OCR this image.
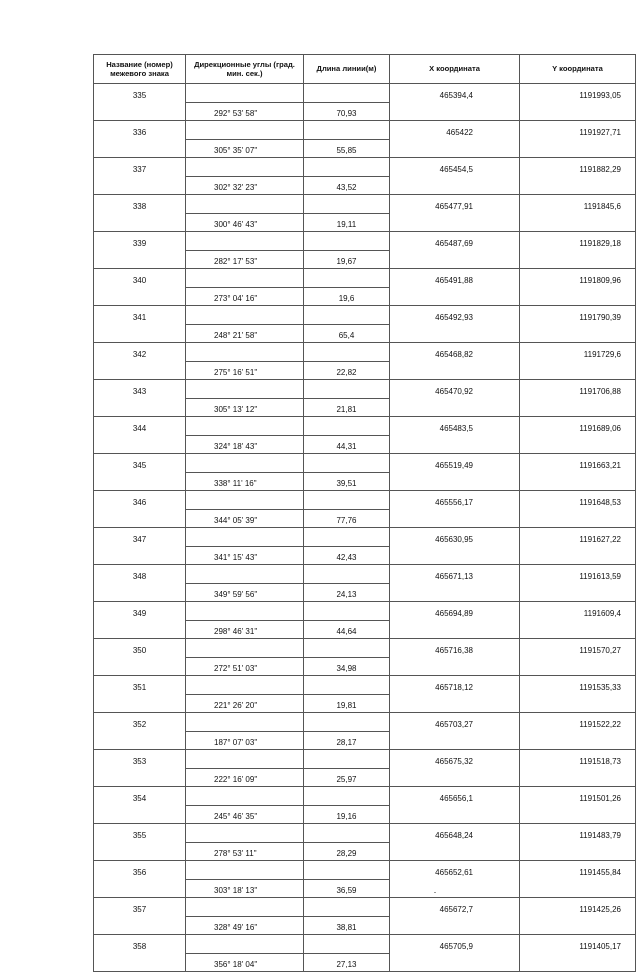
Название (номер) межевого знака	Дирекционные углы (град. мин. сек.)	Длина линии(м)	X координата	Y координата
335			465394,4	1191993,05
	292° 53' 58"	70,93		
336			465422	1191927,71
	305° 35' 07"	55,85		
337			465454,5	1191882,29
	302° 32' 23"	43,52		
338			465477,91	1191845,6
	300° 46' 43"	19,11		
339			465487,69	1191829,18
	282° 17' 53"	19,67		
340			465491,88	1191809,96
	273° 04' 16"	19,6		
341			465492,93	1191790,39
	248° 21' 58"	65,4		
342			465468,82	1191729,6
	275° 16' 51"	22,82		
343			465470,92	1191706,88
	305° 13' 12"	21,81		
344			465483,5	1191689,06
	324° 18' 43"	44,31		
345			465519,49	1191663,21
	338° 11' 16"	39,51		
346			465556,17	1191648,53
	344° 05' 39"	77,76		
347			465630,95	1191627,22
	341° 15' 43"	42,43		
348			465671,13	1191613,59
	349° 59' 56"	24,13		
349			465694,89	1191609,4
	298° 46' 31"	44,64		
350			465716,38	1191570,27
	272° 51' 03"	34,98		
351			465718,12	1191535,33
	221° 26' 20"	19,81		
352			465703,27	1191522,22
	187° 07' 03"	28,17		
353			465675,32	1191518,73
	222° 16' 09"	25,97		
354			465656,1	1191501,26
	245° 46' 35"	19,16		
355			465648,24	1191483,79
	278° 53' 11"	28,29		
356			465652,61	1191455,84
	303° 18' 13"	36,59		
357			465672,7	1191425,26
	328° 49' 16"	38,81		
358			465705,9	1191405,17
	356° 18' 04"	27,13		
